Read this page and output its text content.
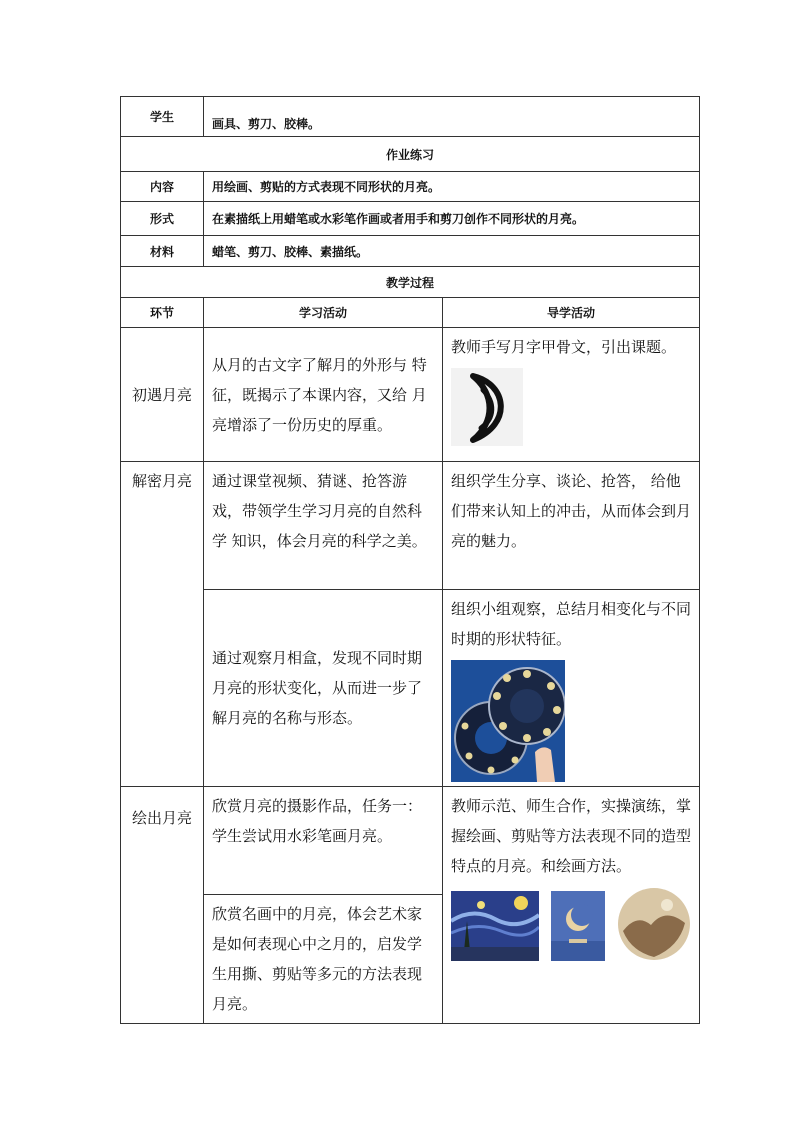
学生	画具、剪刀、胶棒。	
作业练习		
内容	用绘画、剪贴的方式表现不同形状的月亮。	
形式	在素描纸上用蜡笔或水彩笔作画或者用手和剪刀创作不同形状的月亮。	
材料	蜡笔、剪刀、胶棒、素描纸。	
教学过程		
环节	学习活动	导学活动
初遇月亮	从月的古文字了解月的外形与 特征，既揭示了本课内容，又给 月亮增添了一份历史的厚重。	教师手写月字甲骨文，引出课题。

解密月亮	通过课堂视频、猜谜、抢答游戏，带领学生学习月亮的自然科学 知识，体会月亮的科学之美。	组织学生分享、谈论、抢答， 给他们带来认知上的冲击，从而体会到月亮的魅力。
	通过观察月相盒，发现不同时期月亮的形状变化，从而进一步了解月亮的名称与形态。	组织小组观察，总结月相变化与不同时期的形状特征。

绘出月亮	欣赏月亮的摄影作品，任务一：学生尝试用水彩笔画月亮。	教师示范、师生合作，实操演练，掌握绘画、剪贴等方法表现不同的造型特点的月亮。和绘画方法。

	欣赏名画中的月亮，体会艺术家是如何表现心中之月的，启发学生用撕、剪贴等多元的方法表现月亮。	
